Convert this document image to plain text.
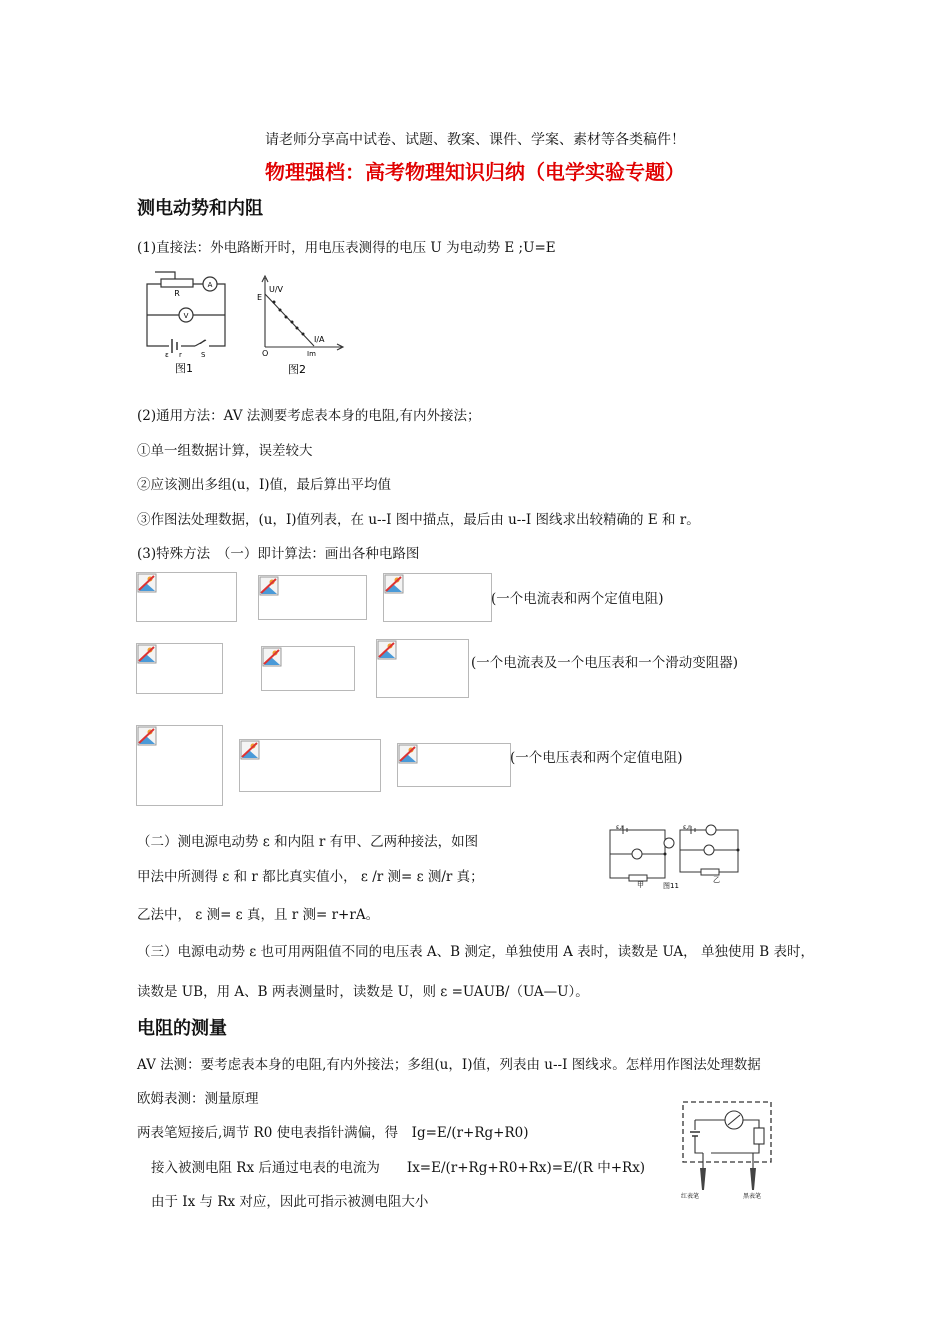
请老师分享高中试卷、试题、教案、课件、学案、素材等各类稿件！
物理强档：高考物理知识归纳（电学实验专题）
测电动势和内阻
(1)直接法：外电路断开时，用电压表测得的电压 U 为电动势 E ;U=E
R
A
V
ε r	S
图1
U/V
E
I/A
O	Im
图2
(2)通用方法：AV 法测要考虑表本身的电阻,有内外接法；
①单一组数据计算，误差较大
②应该测出多组(u，I)值，最后算出平均值
③作图法处理数据，(u，I)值列表，在 u--I 图中描点，最后由 u--I 图线求出较精确的 E 和 r。
(3)特殊方法　（一）即计算法：画出各种电路图
(一个电流表和两个定值电阻)
(一个电流表及一个电压表和一个滑动变阻器)
(一个电压表和两个定值电阻)
（二）测电源电动势 ε 和内阻 r 有甲、乙两种接法，如图
甲法中所测得 ε 和 r 都比真实值小， ε /r 测= ε 测/r 真；
乙法中， ε 测= ε 真，且 r 测= r+rA。
ε,r	ε,r
甲	图11
乙
（三）电源电动势 ε 也可用两阻值不同的电压表 A、B 测定，单独使用 A 表时，读数是 UA， 单独使用 B 表时，
读数是 UB，用 A、B 两表测量时，读数是 U，则 ε =UAUB/（UA—U）。
电阻的测量
AV 法测：要考虑表本身的电阻,有内外接法；多组(u，I)值，列表由 u--I 图线求。怎样用作图法处理数据
欧姆表测：测量原理
两表笔短接后,调节 R0 使电表指针满偏，得　Ig=E/(r+Rg+R0)
接入被测电阻 Rx 后通过电表的电流为　　Ix=E/(r+Rg+R0+Rx)=E/(R 中+Rx)
由于 Ix 与 Rx 对应，因此可指示被测电阻大小	红表笔	黑表笔
